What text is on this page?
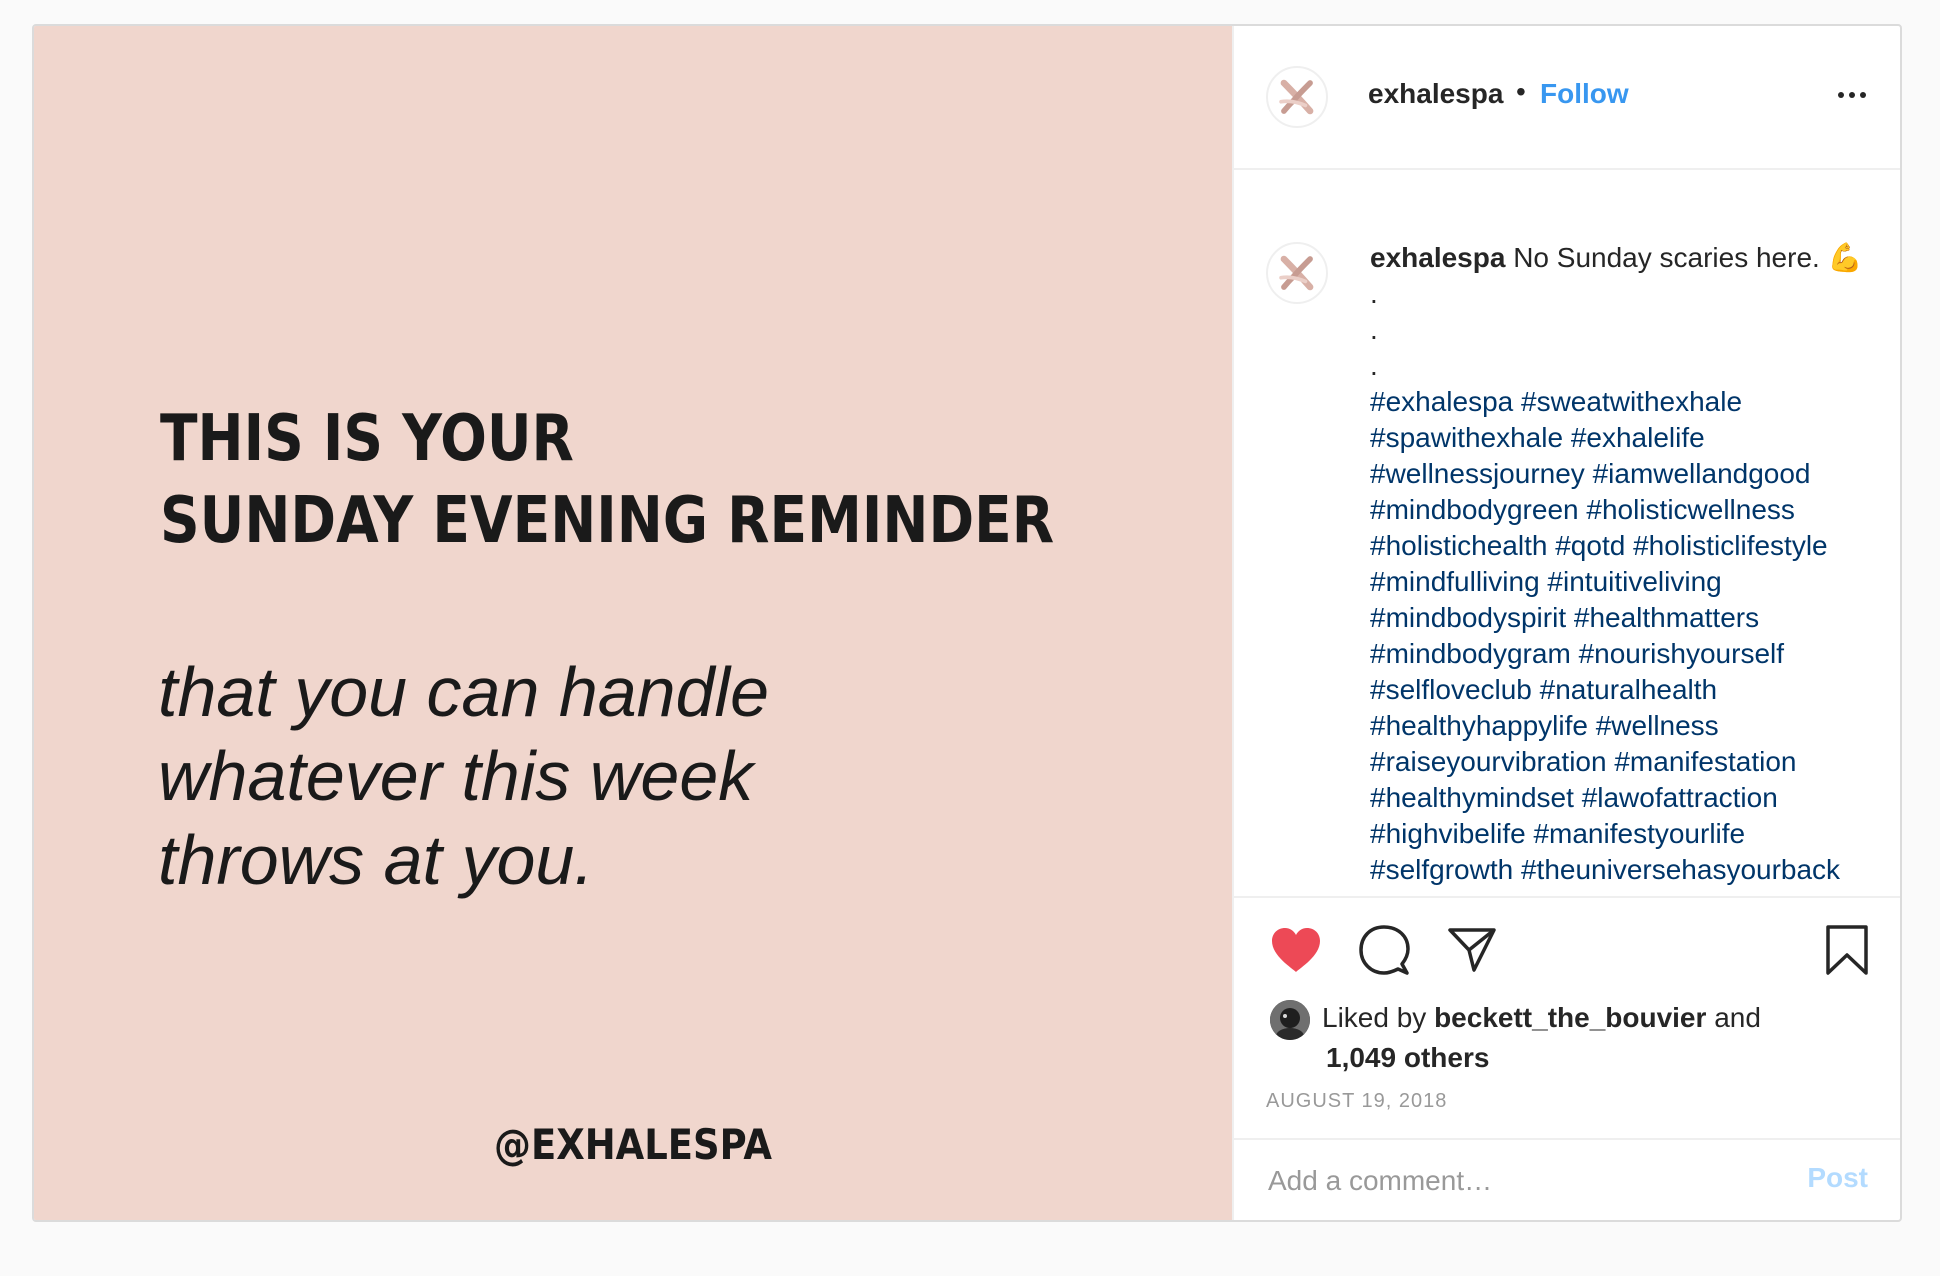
THIS IS YOUR
SUNDAY EVENING REMINDER
that you can handle
whatever this week
throws at you.
@EXHALESPA
exhalespa • Follow
exhalespa No Sunday scaries here. 💪
.
.
.
#exhalespa #sweatwithexhale
#spawithexhale #exhalelife
#wellnessjourney #iamwellandgood
#mindbodygreen #holisticwellness
#holistichealth #qotd #holisticlifestyle
#mindfulliving #intuitiveliving
#mindbodyspirit #healthmatters
#mindbodygram #nourishyourself
#selfloveclub #naturalhealth
#healthyhappylife #wellness
#raiseyourvibration #manifestation
#healthymindset #lawofattraction
#highvibelife #manifestyourlife
#selfgrowth #theuniversehasyourback
Liked by beckett_the_bouvier and
1,049 others
AUGUST 19, 2018
Add a comment…
Post
